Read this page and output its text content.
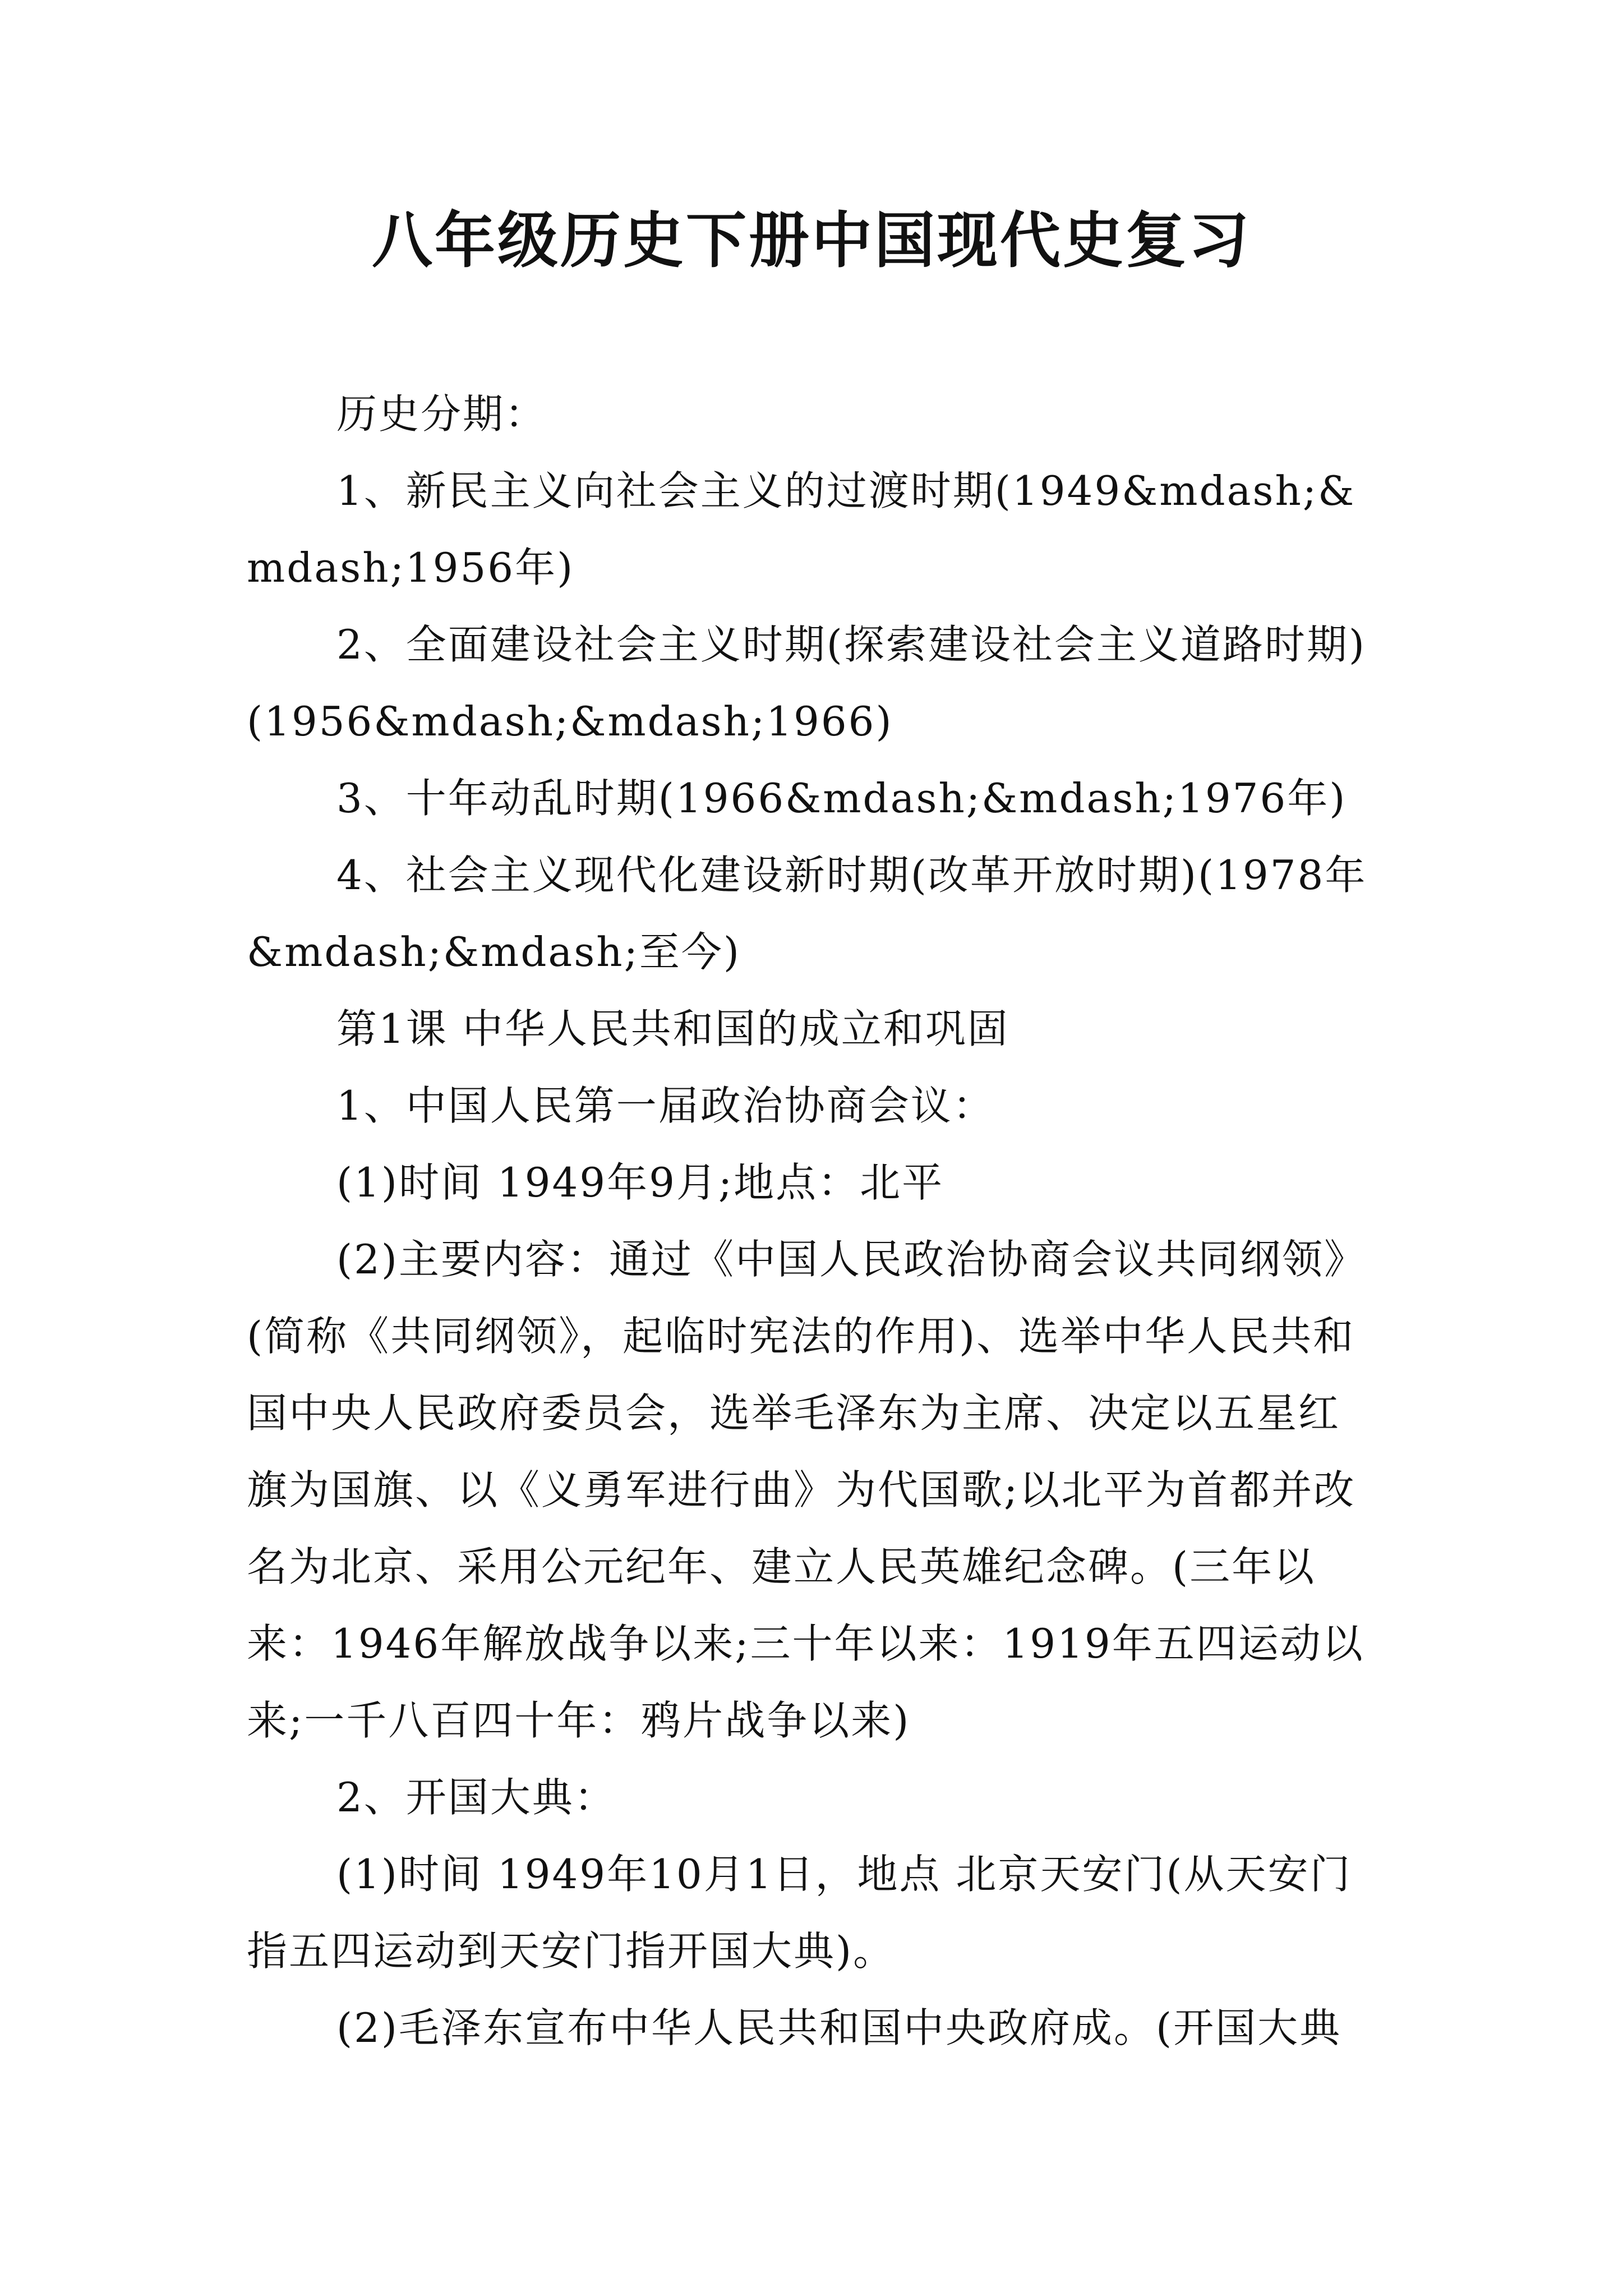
八年级历史下册中国现代史复习

历史分期：

1、新民主义向社会主义的过渡时期(1949&mdash;&mdash;1956年)

2、全面建设社会主义时期(探索建设社会主义道路时期)(1956&mdash;&mdash;1966)

3、十年动乱时期(1966&mdash;&mdash;1976年)

4、社会主义现代化建设新时期(改革开放时期)(1978年&mdash;&mdash;至今)

第1课 中华人民共和国的成立和巩固

1、中国人民第一届政治协商会议：

(1)时间 1949年9月;地点：北平

(2)主要内容：通过《中国人民政治协商会议共同纲领》(简称《共同纲领》，起临时宪法的作用)、选举中华人民共和国中央人民政府委员会，选举毛泽东为主席、决定以五星红旗为国旗、以《义勇军进行曲》为代国歌;以北平为首都并改名为北京、采用公元纪年、建立人民英雄纪念碑。(三年以来：1946年解放战争以来;三十年以来：1919年五四运动以来;一千八百四十年：鸦片战争以来)

2、开国大典：

(1)时间 1949年10月1日，地点 北京天安门(从天安门指五四运动到天安门指开国大典)。

(2)毛泽东宣布中华人民共和国中央政府成。(开国大典
